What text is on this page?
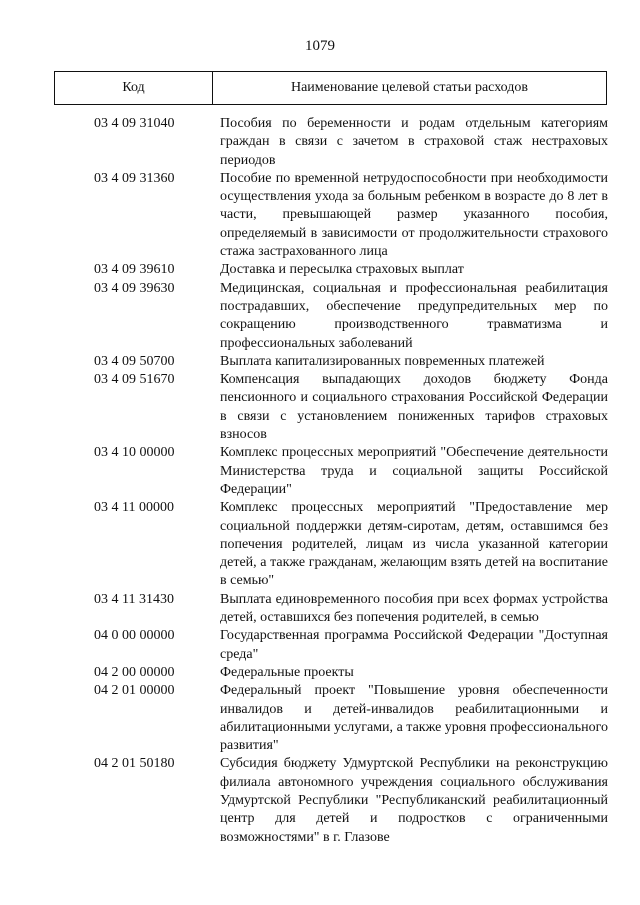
1079
Код	Наименование целевой статьи расходов
03 4 09 31040	Пособия по беременности и родам отдельным категориям граждан в связи с зачетом в страховой стаж нестраховых периодов
03 4 09 31360	Пособие по временной нетрудоспособности при необходимости осуществления ухода за больным ребенком в возрасте до 8 лет в части, превышающей размер указанного пособия, определяемый в зависимости от продолжительности страхового стажа застрахованного лица
03 4 09 39610	Доставка и пересылка страховых выплат
03 4 09 39630	Медицинская, социальная и профессиональная реабилитация пострадавших, обеспечение предупредительных мер по сокращению производственного травматизма и профессиональных заболеваний
03 4 09 50700	Выплата капитализированных повременных платежей
03 4 09 51670	Компенсация выпадающих доходов бюджету Фонда пенсионного и социального страхования Российской Федерации в связи с установлением пониженных тарифов страховых взносов
03 4 10 00000	Комплекс процессных мероприятий "Обеспечение деятельности Министерства труда и социальной защиты Российской Федерации"
03 4 11 00000	Комплекс процессных мероприятий "Предоставление мер социальной поддержки детям-сиротам, детям, оставшимся без попечения родителей, лицам из числа указанной категории детей, а также гражданам, желающим взять детей на воспитание в семью"
03 4 11 31430	Выплата единовременного пособия при всех формах устройства детей, оставшихся без попечения родителей, в семью
04 0 00 00000	Государственная программа Российской Федерации "Доступная среда"
04 2 00 00000	Федеральные проекты
04 2 01 00000	Федеральный проект "Повышение уровня обеспеченности инвалидов и детей-инвалидов реабилитационными и абилитационными услугами, а также уровня профессионального развития"
04 2 01 50180	Субсидия бюджету Удмуртской Республики на реконструкцию филиала автономного учреждения социального обслуживания Удмуртской Республики "Республиканский реабилитационный центр для детей и подростков с ограниченными возможностями" в г. Глазове
